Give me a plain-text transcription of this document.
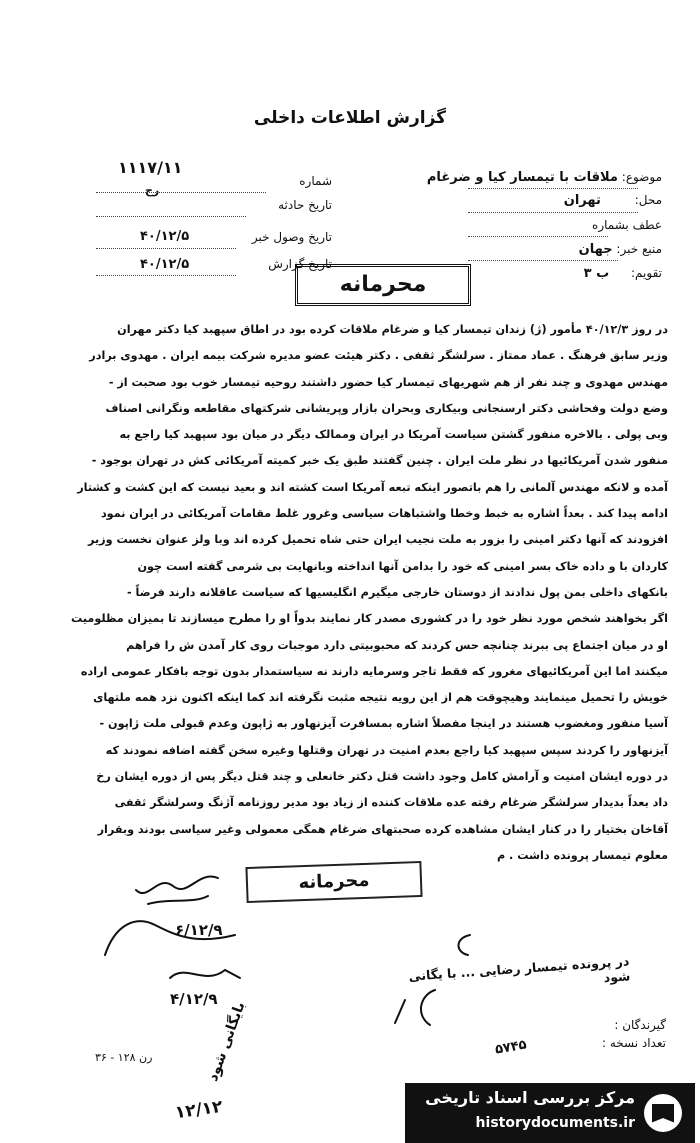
گزارش اطلاعات داخلی
موضوع: ملاقات با تیمسار کیا و ضرغام
محل: تهران
عطف بشماره
منبع خبر: جهان
تقویم: ب ۳
شماره
۱۱۱۷/۱۱
رح
تاریخ حادثه
تاریخ وصول خبر
۴۰/۱۲/۵
تاریخ گزارش
۴۰/۱۲/۵
محرمانه

در روز ۴۰/۱۲/۳ مأمور (ژ) زندان تیمسار کیا و ضرغام ملاقات کرده بود در اطاق سپهبد کیا دکتر مهران

وزیر سابق فرهنگ . عماد ممتاز . سرلشگر ثقفی . دکتر هیئت عضو مدیره شرکت بیمه ایران . مهدوی برادر

مهندس مهدوی و چند نفر از هم شهریهای تیمسار کیا حضور داشتند روحیه تیمسار خوب بود صحبت از -

وضع دولت وفحاشی دکتر ارسنجانی وبیکاری وبحران بازار وپریشانی شرکتهای مقاطعه ونگرانی اصناف

وبی پولی . بالاخره منفور گشتن سیاست آمریکا در ایران وممالک دیگر در میان بود سپهبد کیا راجع به

منفور شدن آمریکائیها در نظر ملت ایران . چنین گفتند طبق یک خبر کمیته آمریکائی کش در تهران بوجود -

آمده و لانکه مهندس آلمانی را هم باتصور اینکه تبعه آمریکا است کشته اند و بعید نیست که این کشت و کشتار

ادامه پیدا کند . بعداً اشاره به خبط وخطا واشتباهات سیاسی وغرور غلط مقامات آمریکائی در ایران نمود

افزودند که آنها دکتر امینی را بزور به ملت نجیب ایران حتی شاه تحمیل کرده اند وبا ولز عنوان نخست وزیر

کاردان با و داده خاک بسر امینی که خود را بدامن آنها انداخته وبانهایت بی شرمی گفته است چون

بانکهای داخلی بمن پول ندادند از دوستان خارجی میگیرم انگلیسیها که سیاست عاقلانه دارند فرضاً -

اگر بخواهند شخص مورد نظر خود را در کشوری مصدر کار نمایند بدواً او را مطرح میسازند تا بمیزان مظلومیت

او در میان اجتماع پی ببرند چنانچه حس کردند که محبوبیتی دارد موجبات روی کار آمدن ش را فراهم

میکنند اما این آمریکائیهای مغرور که فقط تاجر وسرمایه دارند نه سیاستمدار بدون توجه بافکار عمومی اراده

خویش را تحمیل مینمایند وهیچوقت هم از این رویه نتیجه مثبت نگرفته اند کما اینکه اکنون نزد همه ملتهای

آسیا منفور ومغضوب هستند در اینجا مفصلاً اشاره بمسافرت آیزنهاور به ژاپون وعدم قبولی ملت ژاپون -

آیزنهاور را کردند سپس سپهبد کیا راجع بعدم امنیت در تهران وقتلها وغیره سخن گفته اضافه نمودند که

در دوره ایشان امنیت و آرامش کامل وجود داشت قتل دکتر خانعلی و چند قتل دیگر پس از دوره ایشان رخ

داد بعداً بدیدار سرلشگر ضرغام رفته عده ملاقات کننده از زیاد بود مدیر روزنامه آژنگ وسرلشگر ثقفی

آقاخان بختیار را در کنار ایشان مشاهده کرده صحبتهای ضرغام همگی معمولی وغیر سیاسی بودند وبقرار

معلوم تیمسار پرونده داشت . م

محرمانه
۶/۱۲/۹
۴/۱۲/۹
در پرونده تیمسار رضایی ... با یگانی شود
گیرندگان :
تعداد نسخه :
۵۷۴۵
رن ۱۲۸ - ۳۶	بایگانی شود
۱۲/۱۲	مرکز بررسی اسناد تاریخی
historydocuments.ir
